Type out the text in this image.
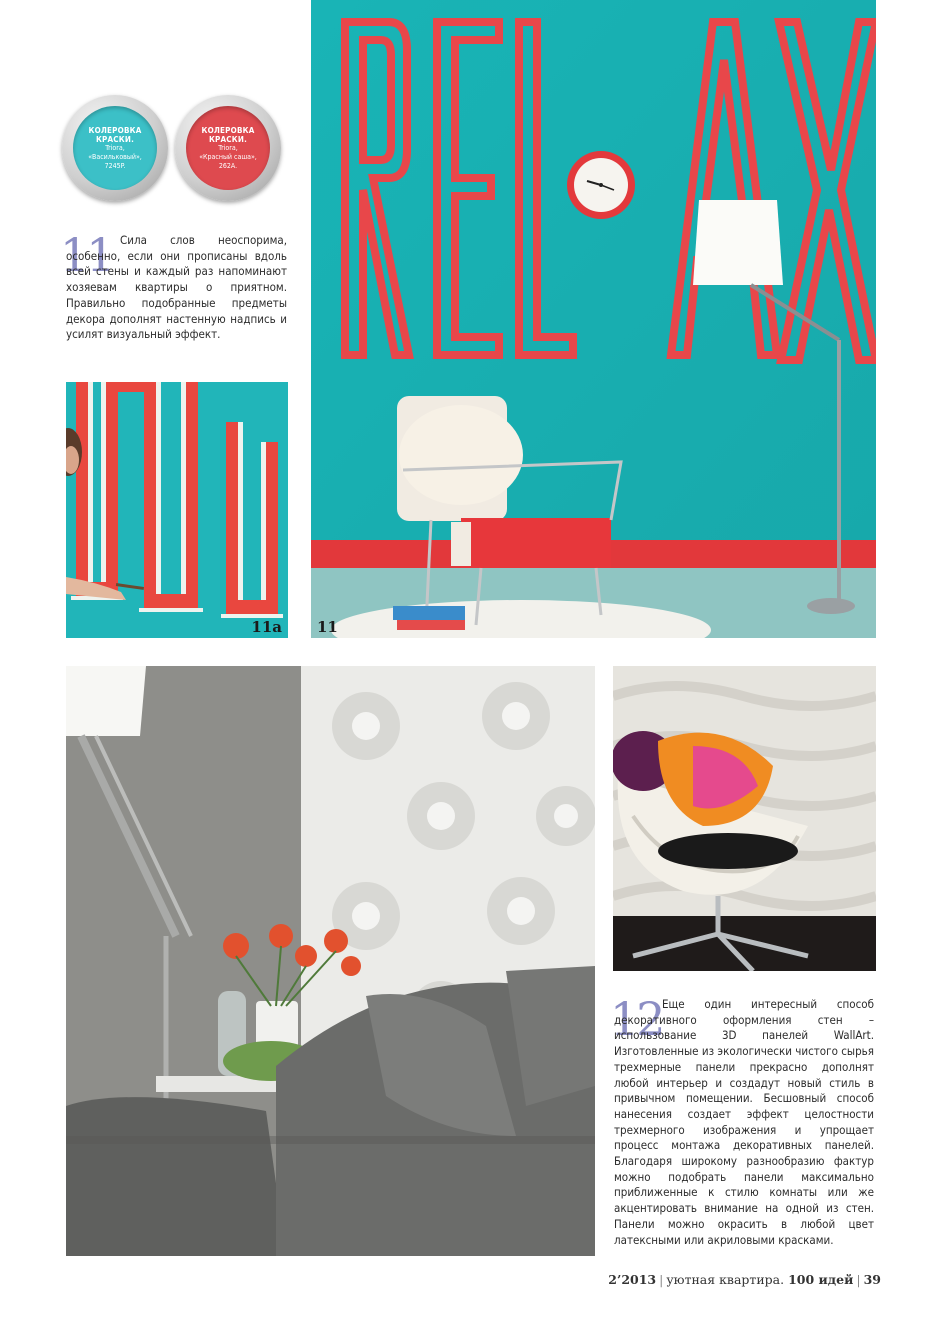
КОЛЕРОВКА
КРАСКИ.
Triora,
«Васильковый»,
7245P.
КОЛЕРОВКА
КРАСКИ.
Triora,
«Красный саша»,
262A.
11 Сила слов неоспорима, особенно, если они прописаны вдоль всей стены и каждый раз напоминают хозяевам квартиры о приятном. Правильно подобранные предметы декора дополнят настенную надпись и усилят визуальный эффект.

11а 11
12 Еще один интересный способ декоративного оформления стен – использование 3D панелей WallArt. Изготовленные из экологически чистого сырья трехмерные панели прекрасно дополнят любой интерьер и создадут новый стиль в привычном помещении. Бесшовный способ нанесения создает эффект целостности трехмерного изображения и упрощает процесс монтажа декоративных панелей. Благодаря широкому разнообразию фактур можно подобрать панели максимально приближенные к стилю комнаты или же акцентировать внимание на одной из стен. Панели можно окрасить в любой цвет латексными или акриловыми красками.

2’2013 | уютная квартира. 100 идей | 39
